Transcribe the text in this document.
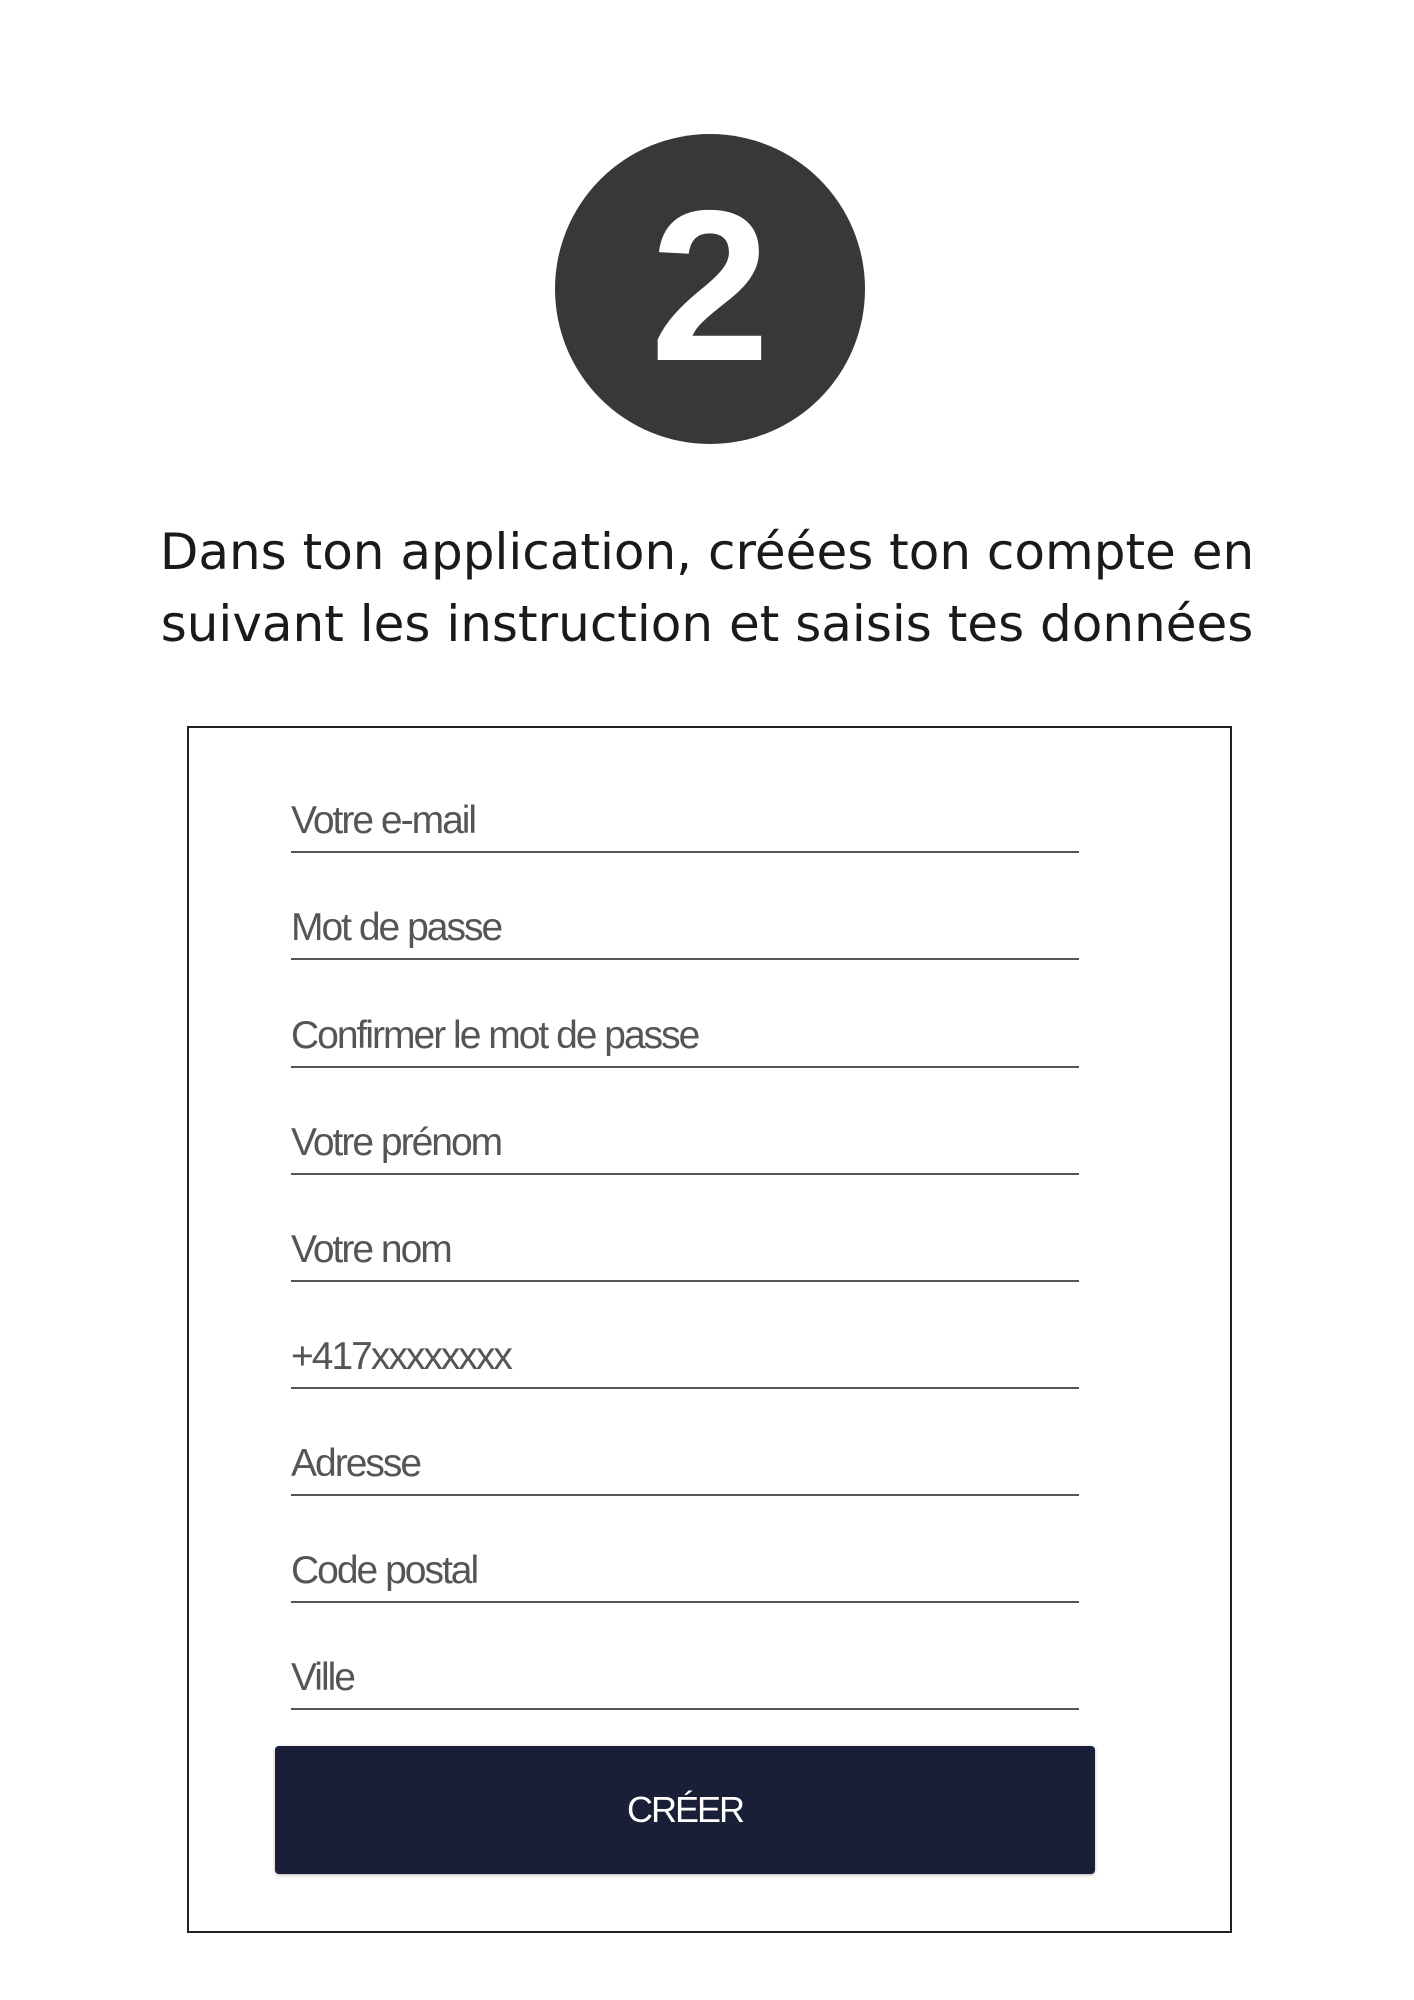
2
Dans ton application, créées ton compte en
suivant les instruction et saisis tes données
Votre e-mail
Mot de passe
Confirmer le mot de passe
Votre prénom
Votre nom
+417xxxxxxxx
Adresse
Code postal
Ville
CRÉER
